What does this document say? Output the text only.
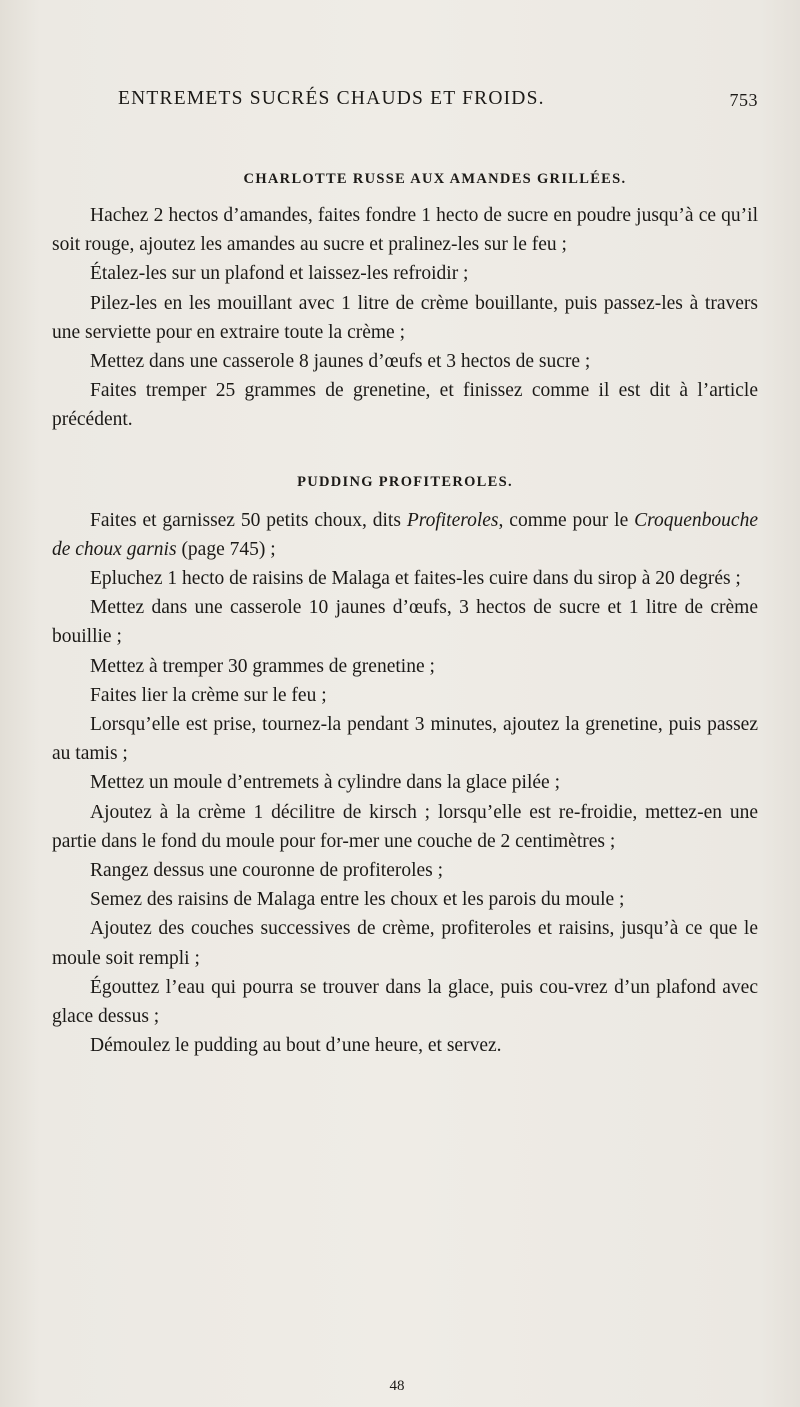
ENTREMETS SUCRÉS CHAUDS ET FROIDS.	753
CHARLOTTE RUSSE AUX AMANDES GRILLÉES.

Hachez 2 hectos d’amandes, faites fondre 1 hecto de sucre en poudre jusqu’à ce qu’il soit rouge, ajoutez les amandes au sucre et pralinez-les sur le feu ;

Étalez-les sur un plafond et laissez-les refroidir ;

Pilez-les en les mouillant avec 1 litre de crème bouillante, puis passez-les à travers une serviette pour en extraire toute la crème ;

Mettez dans une casserole 8 jaunes d’œufs et 3 hectos de sucre ;

Faites tremper 25 grammes de grenetine, et finissez comme il est dit à l’article précédent.

PUDDING PROFITEROLES.

Faites et garnissez 50 petits choux, dits Profiteroles, comme pour le Croquenbouche de choux garnis (page 745) ;

Epluchez 1 hecto de raisins de Malaga et faites-les cuire dans du sirop à 20 degrés ;

Mettez dans une casserole 10 jaunes d’œufs, 3 hectos de sucre et 1 litre de crème bouillie ;

Mettez à tremper 30 grammes de grenetine ;

Faites lier la crème sur le feu ;

Lorsqu’elle est prise, tournez-la pendant 3 minutes, ajoutez la grenetine, puis passez au tamis ;

Mettez un moule d’entremets à cylindre dans la glace pilée ;

Ajoutez à la crème 1 décilitre de kirsch ; lorsqu’elle est re-froidie, mettez-en une partie dans le fond du moule pour for-mer une couche de 2 centimètres ;

Rangez dessus une couronne de profiteroles ;

Semez des raisins de Malaga entre les choux et les parois du moule ;

Ajoutez des couches successives de crème, profiteroles et raisins, jusqu’à ce que le moule soit rempli ;

Égouttez l’eau qui pourra se trouver dans la glace, puis cou-vrez d’un plafond avec glace dessus ;

Démoulez le pudding au bout d’une heure, et servez.

48
